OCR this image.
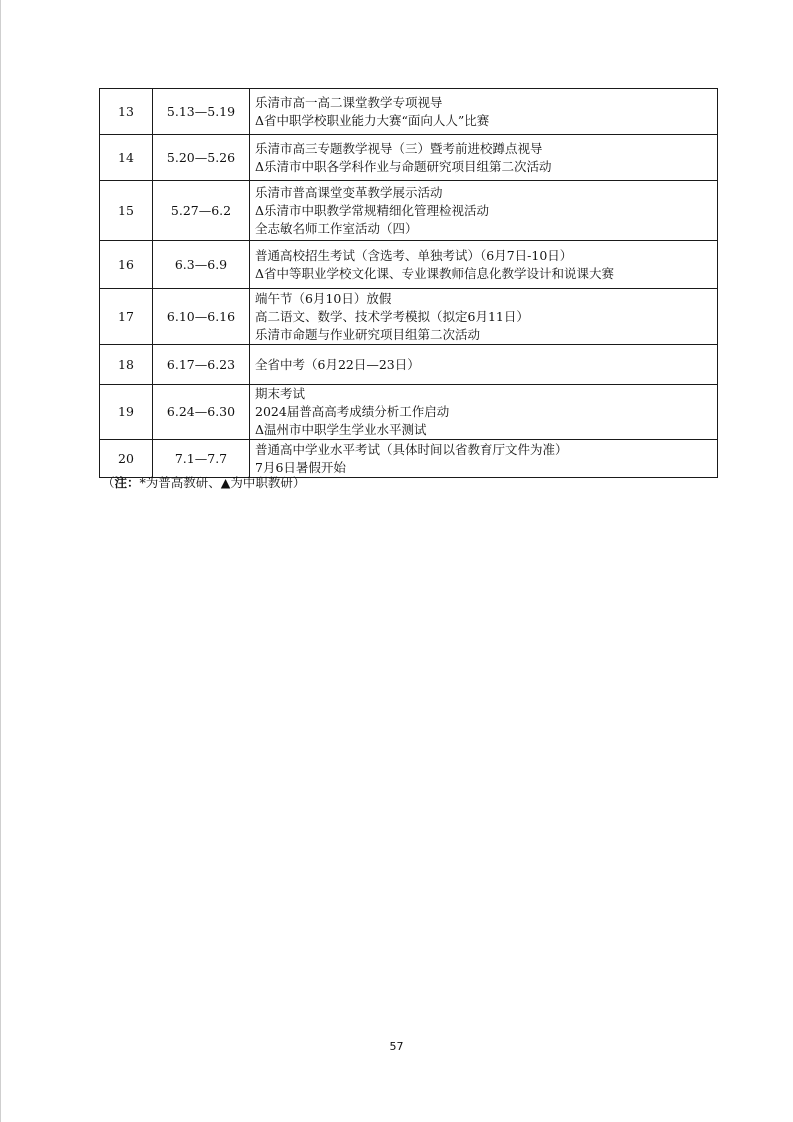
13	5.13—5.19	乐清市高一高二课堂教学专项视导
Δ省中职学校职业能力大赛“面向人人”比赛

14	5.20—5.26	乐清市高三专题教学视导（三）暨考前进校蹲点视导
Δ乐清市中职各学科作业与命题研究项目组第二次活动

15	5.27—6.2	乐清市普高课堂变革教学展示活动
Δ乐清市中职教学常规精细化管理检视活动
全志敏名师工作室活动（四）

16	6.3—6.9	普通高校招生考试（含选考、单独考试）（6月7日-10日）
Δ省中等职业学校文化课、专业课教师信息化教学设计和说课大赛

17	6.10—6.16	端午节（6月10日）放假
高二语文、数学、技术学考模拟（拟定6月11日）
乐清市命题与作业研究项目组第二次活动

18	6.17—6.23	全省中考（6月22日—23日）

19	6.24—6.30	期末考试
2024届普高高考成绩分析工作启动
Δ温州市中职学生学业水平测试

20	7.1—7.7	普通高中学业水平考试（具体时间以省教育厅文件为准）
7月6日暑假开始
（注：*为普高教研、▲为中职教研）
57
